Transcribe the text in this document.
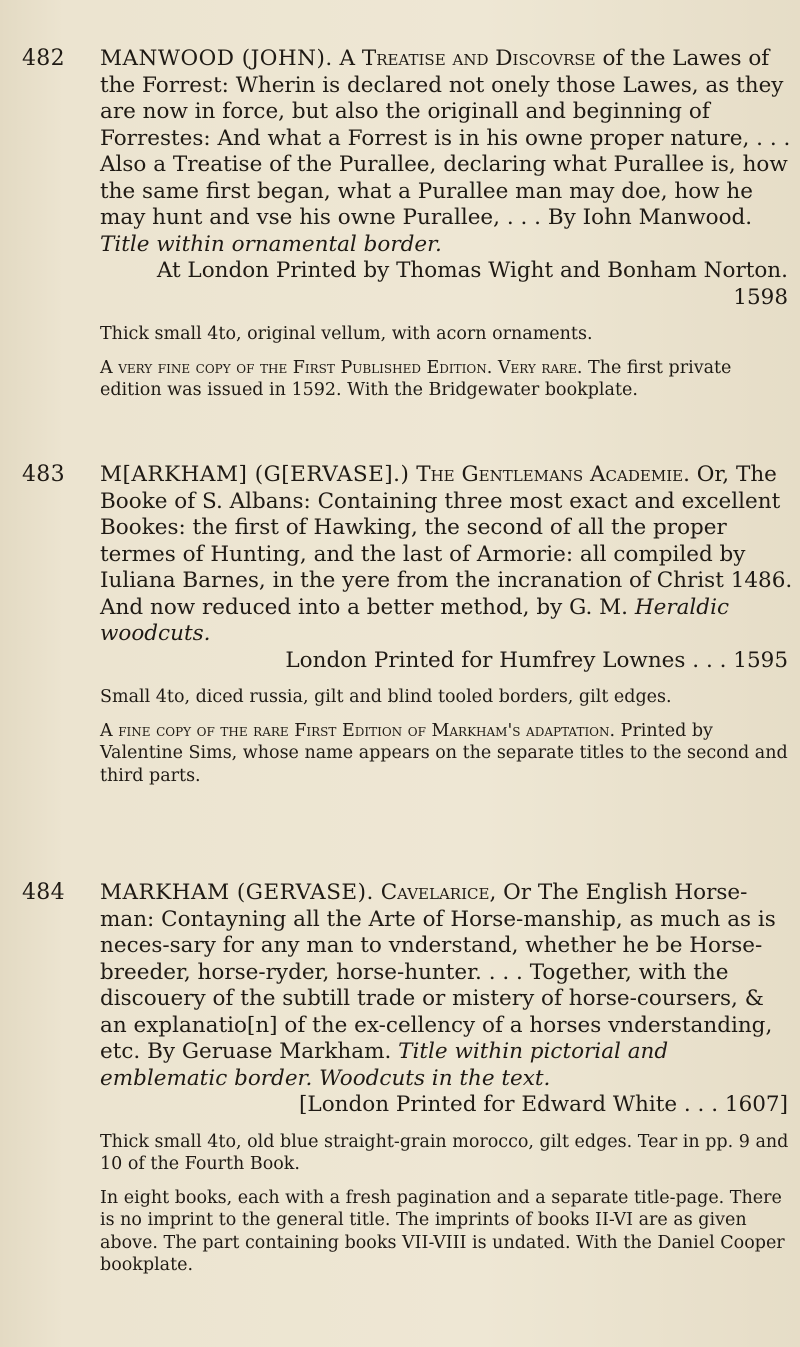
482 MANWOOD (JOHN). A Treatise and Discovrse of the Lawes of the Forrest: Wherin is declared not onely those Lawes, as they are now in force, but also the originall and beginning of Forrestes: And what a Forrest is in his owne proper nature, . . . Also a Treatise of the Purallee, declaring what Purallee is, how the same first began, what a Purallee man may doe, how he may hunt and vse his owne Purallee, . . . By Iohn Manwood. Title within ornamental border.
At London Printed by Thomas Wight and Bonham Norton. 1598

Thick small 4to, original vellum, with acorn ornaments.

A very fine copy of the First Published Edition. Very rare. The first private edition was issued in 1592. With the Bridgewater bookplate.

483 M[ARKHAM] (G[ERVASE].) The Gentlemans Academie. Or, The Booke of S. Albans: Containing three most exact and excellent Bookes: the first of Hawking, the second of all the proper termes of Hunting, and the last of Armorie: all compiled by Iuliana Barnes, in the yere from the incranation of Christ 1486. And now reduced into a better method, by G. M. Heraldic woodcuts.
London Printed for Humfrey Lownes . . . 1595

Small 4to, diced russia, gilt and blind tooled borders, gilt edges.

A fine copy of the rare First Edition of Markham's adaptation. Printed by Valentine Sims, whose name appears on the separate titles to the second and third parts.

484 MARKHAM (GERVASE). Cavelarice, Or The English Horse-man: Contayning all the Arte of Horse-manship, as much as is neces-sary for any man to vnderstand, whether he be Horse-breeder, horse-ryder, horse-hunter. . . . Together, with the discouery of the subtill trade or mistery of horse-coursers, & an explanatio[n] of the ex-cellency of a horses vnderstanding, etc. By Geruase Markham. Title within pictorial and emblematic border. Woodcuts in the text.
[London Printed for Edward White . . . 1607]

Thick small 4to, old blue straight-grain morocco, gilt edges. Tear in pp. 9 and 10 of the Fourth Book.

In eight books, each with a fresh pagination and a separate title-page. There is no imprint to the general title. The imprints of books II-VI are as given above. The part containing books VII-VIII is undated. With the Daniel Cooper bookplate.
